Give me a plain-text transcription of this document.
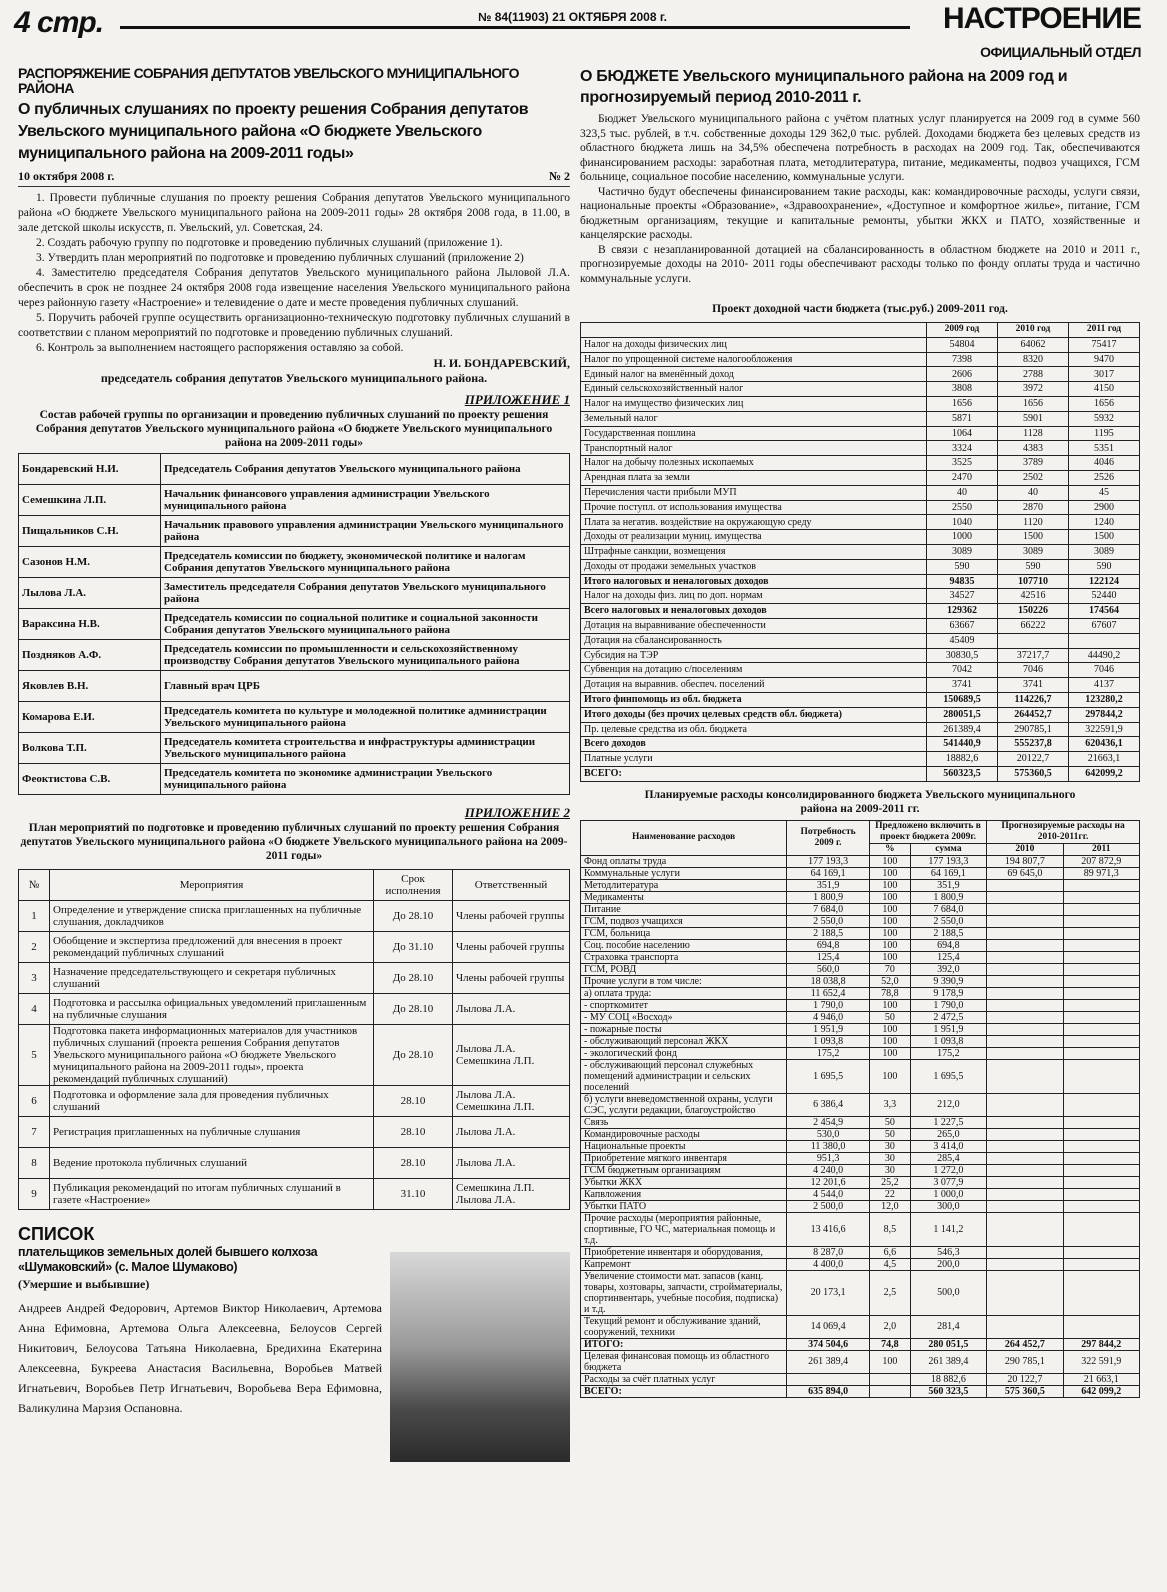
4 стр.	№ 84(11903) 21 ОКТЯБРЯ 2008 г.	НАСТРОЕНИЕ
ОФИЦИАЛЬНЫЙ ОТДЕЛ
РАСПОРЯЖЕНИЕ СОБРАНИЯ ДЕПУТАТОВ УВЕЛЬСКОГО МУНИЦИПАЛЬНОГО РАЙОНА
О публичных слушаниях по проекту решения Собрания депутатов Увельского муниципального района «О бюджете Увельского муниципального района на 2009-2011 годы»
10 октября 2008 г.	№ 2

1. Провести публичные слушания по проекту решения Собрания депутатов Увельского муниципального района «О бюджете Увельского муниципального района на 2009-2011 годы» 28 октября 2008 года, в 11.00, в зале детской школы искусств, п. Увельский, ул. Советская, 24.

2. Создать рабочую группу по подготовке и проведению публичных слушаний (приложение 1).

3. Утвердить план мероприятий по подготовке и проведению публичных слушаний (приложение 2)

4. Заместителю председателя Собрания депутатов Увельского муниципального района Лыловой Л.А. обеспечить в срок не позднее 24 октября 2008 года извещение населения Увельского муниципального района через районную газету «Настроение» и телевидение о дате и месте проведения публичных слушаний.

5. Поручить рабочей группе осуществить организационно-техническую подготовку публичных слушаний в соответствии с планом мероприятий по подготовке и проведению публичных слушаний.

6. Контроль за выполнением настоящего распоряжения оставляю за собой.

Н. И. БОНДАРЕВСКИЙ,
председатель собрания депутатов Увельского муниципального района.
ПРИЛОЖЕНИЕ 1
Состав рабочей группы по организации и проведению публичных слушаний по проекту решения Собрания депутатов Увельского муниципального района «О бюджете Увельского муниципального района на 2009-2011 годы»
Бондаревский Н.И.	Председатель Собрания депутатов Увельского муниципального района
Семешкина Л.П.	Начальник финансового управления администрации Увельского муниципального района
Пищальников С.Н.	Начальник правового управления администрации Увельского муниципального района
Сазонов Н.М.	Председатель комиссии по бюджету, экономической политике и налогам Собрания депутатов Увельского муниципального района
Лылова Л.А.	Заместитель председателя Собрания депутатов Увельского муниципального района
Вараксина Н.В.	Председатель комиссии по социальной политике и социальной законности Собрания депутатов Увельского муниципального района
Поздняков А.Ф.	Председатель комиссии по промышленности и сельскохозяйственному производству Собрания депутатов Увельского муниципального района
Яковлев В.Н.	Главный врач ЦРБ
Комарова Е.И.	Председатель комитета по культуре и молодежной политике администрации Увельского муниципального района
Волкова Т.П.	Председатель комитета строительства и инфраструктуры администрации Увельского муниципального района
Феоктистова С.В.	Председатель комитета по экономике администрации Увельского муниципального района
ПРИЛОЖЕНИЕ 2
План мероприятий по подготовке и проведению публичных слушаний по проекту решения Собрания депутатов Увельского муниципального района «О бюджете Увельского муниципального района на 2009-2011 годы»
№	Мероприятия	Срок исполнения	Ответственный
1	Определение и утверждение списка приглашенных на публичные слушания, докладчиков	До 28.10	Члены рабочей группы
2	Обобщение и экспертиза предложений для внесения в проект рекомендаций публичных слушаний	До 31.10	Члены рабочей группы
3	Назначение председательствующего и секретаря публичных слушаний	До 28.10	Члены рабочей группы
4	Подготовка и рассылка официальных уведомлений приглашенным на публичные слушания	До 28.10	Лылова Л.А.
5	Подготовка пакета информационных материалов для участников публичных слушаний (проекта решения Собрания депутатов Увельского муниципального района «О бюджете Увельского муниципального района на 2009-2011 годы», проекта рекомендаций публичных слушаний)	До 28.10	Лылова Л.А. Семешкина Л.П.
6	Подготовка и оформление зала для проведения публичных слушаний	28.10	Лылова Л.А. Семешкина Л.П.
7	Регистрация приглашенных на публичные слушания	28.10	Лылова Л.А.
8	Ведение протокола публичных слушаний	28.10	Лылова Л.А.
9	Публикация рекомендаций по итогам публичных слушаний в газете «Настроение»	31.10	Семешкина Л.П. Лылова Л.А.
СПИСОК
плательщиков земельных долей бывшего колхоза «Шумаковский» (с. Малое Шумаково)
(Умершие и выбывшие)
Андреев Андрей Федорович, Артемов Виктор Николаевич, Артемова Анна Ефимовна, Артемова Ольга Алексеевна, Белоусов Сергей Никитович, Белоусова Татьяна Николаевна, Бредихина Екатерина Алексеевна, Букреева Анастасия Васильевна, Воробьев Матвей Игнатьевич, Воробьев Петр Игнатьевич, Воробьева Вера Ефимовна, Валикулина Марзия Оспановна.
О БЮДЖЕТЕ Увельского муниципального района на 2009 год и прогнозируемый период 2010-2011 г.

Бюджет Увельского муниципального района с учётом платных услуг планируется на 2009 год в сумме 560 323,5 тыс. рублей, в т.ч. собственные доходы 129 362,0 тыс. рублей. Доходами бюджета без целевых средств из областного бюджета лишь на 34,5% обеспечена потребность в расходах на 2009 год. Так, обеспечиваются финансированием расходы: заработная плата, методлитература, питание, медикаменты, подвоз учащихся, ГСМ больнице, социальное пособие населению, коммунальные услуги.

Частично будут обеспечены финансированием такие расходы, как: командировочные расходы, услуги связи, национальные проекты «Образование», «Здравоохранение», «Доступное и комфортное жилье», питание, ГСМ бюджетным организациям, текущие и капитальные ремонты, убытки ЖКХ и ПАТО, хозяйственные и канцелярские расходы.

В связи с незапланированной дотацией на сбалансированность в областном бюджете на 2010 и 2011 г., прогнозируемые доходы на 2010- 2011 годы обеспечивают расходы только по фонду оплаты труда и частично коммунальные услуги.

Проект доходной части бюджета (тыс.руб.) 2009-2011 год.
	2009 год	2010 год	2011 год
Налог на доходы физических лиц	54804	64062	75417
Налог по упрощенной системе налогообложения	7398	8320	9470
Единый налог на вменённый доход	2606	2788	3017
Единый сельскохозяйственный налог	3808	3972	4150
Налог на имущество физических лиц	1656	1656	1656
Земельный налог	5871	5901	5932
Государственная пошлина	1064	1128	1195
Транспортный налог	3324	4383	5351
Налог на добычу полезных ископаемых	3525	3789	4046
Арендная плата за земли	2470	2502	2526
Перечисления части прибыли МУП	40	40	45
Прочие поступл. от использования имущества	2550	2870	2900
Плата за негатив. воздействие на окружающую среду	1040	1120	1240
Доходы от реализации муниц. имущества	1000	1500	1500
Штрафные санкции, возмещения	3089	3089	3089
Доходы от продажи земельных участков	590	590	590
Итого налоговых и неналоговых доходов	94835	107710	122124
Налог на доходы физ. лиц по доп. нормам	34527	42516	52440
Всего налоговых и неналоговых доходов	129362	150226	174564
Дотация на выравнивание обеспеченности	63667	66222	67607
Дотация на сбалансированность	45409		
Субсидия на ТЭР	30830,5	37217,7	44490,2
Субвенция на дотацию с/поселениям	7042	7046	7046
Дотация на выравнив. обеспеч. поселений	3741	3741	4137
Итого финпомощь из обл. бюджета	150689,5	114226,7	123280,2
Итого доходы (без прочих целевых средств обл. бюджета)	280051,5	264452,7	297844,2
Пр. целевые средства из обл. бюджета	261389,4	290785,1	322591,9
Всего доходов	541440,9	555237,8	620436,1
Платные услуги	18882,6	20122,7	21663,1
ВСЕГО:	560323,5	575360,5	642099,2
Планируемые расходы консолидированного бюджета Увельского муниципального района на 2009-2011 гг.
Наименование расходов	Потребность 2009 г.	Предложено включить в проект бюджета 2009г.		Прогнозируемые расходы на 2010-2011гг.	
		%	сумма	2010	2011
Фонд оплаты труда	177 193,3	100	177 193,3	194 807,7	207 872,9
Коммунальные услуги	64 169,1	100	64 169,1	69 645,0	89 971,3
Методлитература	351,9	100	351,9		
Медикаменты	1 800,9	100	1 800,9		
Питание	7 684,0	100	7 684,0		
ГСМ, подвоз учащихся	2 550,0	100	2 550,0		
ГСМ, больница	2 188,5	100	2 188,5		
Соц. пособие населению	694,8	100	694,8		
Страховка транспорта	125,4	100	125,4		
ГСМ, РОВД	560,0	70	392,0		
Прочие услуги в том числе:	18 038,8	52,0	9 390,9		
а) оплата труда:	11 652,4	78,8	9 178,9		
- спорткомитет	1 790,0	100	1 790,0		
- МУ СОЦ «Восход»	4 946,0	50	2 472,5		
- пожарные посты	1 951,9	100	1 951,9		
- обслуживающий персонал ЖКХ	1 093,8	100	1 093,8		
- экологический фонд	175,2	100	175,2		
- обслуживающий персонал служебных помещений администрации и сельских поселений	1 695,5	100	1 695,5		
б) услуги вневедомственной охраны, услуги СЭС, услуги редакции, благоустройство	6 386,4	3,3	212,0		
Связь	2 454,9	50	1 227,5		
Командировочные расходы	530,0	50	265,0		
Национальные проекты	11 380,0	30	3 414,0		
Приобретение мягкого инвентаря	951,3	30	285,4		
ГСМ бюджетным организациям	4 240,0	30	1 272,0		
Убытки ЖКХ	12 201,6	25,2	3 077,9		
Капвложения	4 544,0	22	1 000,0		
Убытки ПАТО	2 500,0	12,0	300,0		
Прочие расходы (мероприятия районные, спортивные, ГО ЧС, материальная помощь и т.д.	13 416,6	8,5	1 141,2		
Приобретение инвентаря и оборудования,	8 287,0	6,6	546,3		
Капремонт	4 400,0	4,5	200,0		
Увеличение стоимости мат. запасов (канц. товары, хозтовары, запчасти, стройматериалы, спортинвентарь, учебные пособия, подписка) и т.д.	20 173,1	2,5	500,0		
Текущий ремонт и обслуживание зданий, сооружений, техники	14 069,4	2,0	281,4		
ИТОГО:	374 504,6	74,8	280 051,5	264 452,7	297 844,2
Целевая финансовая помощь из областного бюджета	261 389,4	100	261 389,4	290 785,1	322 591,9
Расходы за счёт платных услуг			18 882,6	20 122,7	21 663,1
ВСЕГО:	635 894,0		560 323,5	575 360,5	642 099,2
